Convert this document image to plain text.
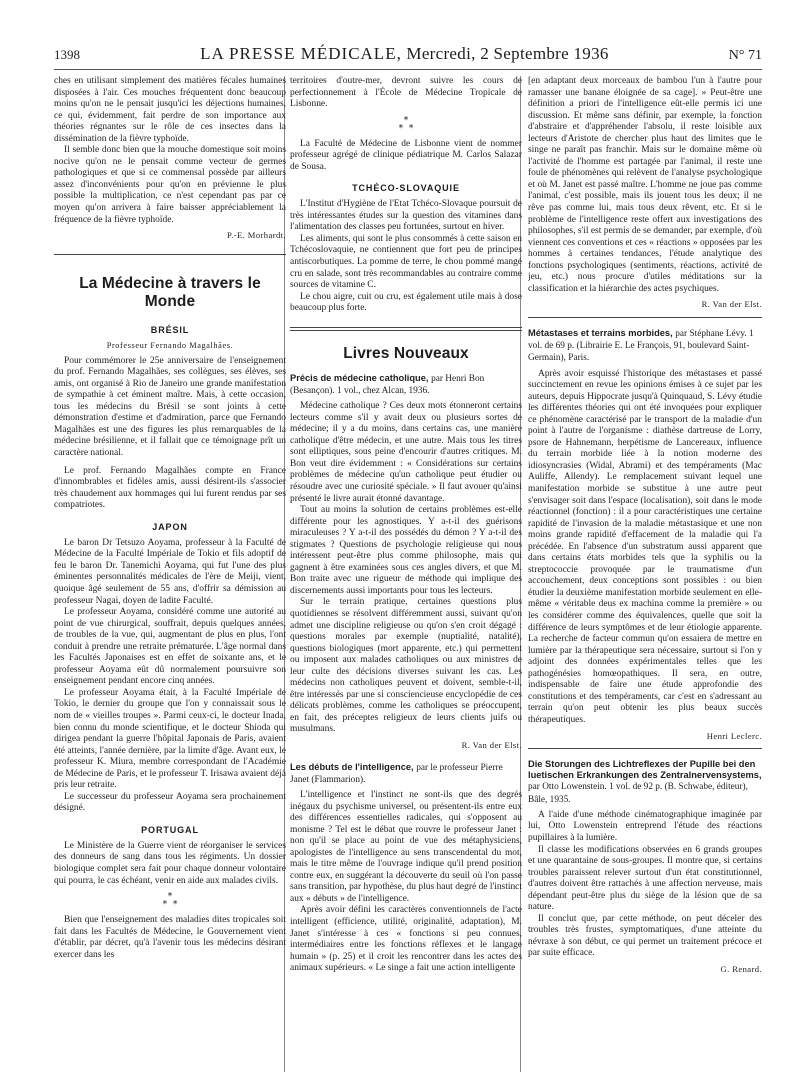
1398	LA PRESSE MÉDICALE, Mercredi, 2 Septembre 1936	N° 71

ches en utilisant simplement des matières fécales humaines disposées à l'air. Ces mouches fréquentent donc beaucoup moins qu'on ne le pensait jusqu'ici les déjections humaines, ce qui, évidemment, fait perdre de son importance aux théories régnantes sur le rôle de ces insectes dans la dissémination de la fièvre typhoïde.

Il semble donc bien que la mouche domestique soit moins nocive qu'on ne le pensait comme vecteur de germes pathologiques et que si ce commensal possède par ailleurs assez d'inconvénients pour qu'on en prévienne le plus possible la multiplication, ce n'est cependant pas par ce moyen qu'on arrivera à faire baisser appréciablement la fréquence de la fièvre typhoïde.

P.-E. Morhardt.

La Médecine à travers le Monde
BRÉSIL
Professeur Fernando Magalhães.

Pour commémorer le 25e anniversaire de l'enseignement du prof. Fernando Magalhães, ses collègues, ses élèves, ses amis, ont organisé à Rio de Janeiro une grande manifestation de sympathie à cet éminent maître. Mais, à cette occasion, tous les médecins du Brésil se sont joints à cette démonstration d'estime et d'admiration, parce que Fernando Magalhães est une des figures les plus remarquables de la médecine brésilienne, et il fallait que ce témoignage prît un caractère national.

Le prof. Fernando Magalhães compte en France d'innombrables et fidèles amis, aussi désirent-ils s'associer très chaudement aux hommages qui lui furent rendus par ses compatriotes.

JAPON

Le baron Dr Tetsuzo Aoyama, professeur à la Faculté de Médecine de la Faculté Impériale de Tokio et fils adoptif de feu le baron Dr. Tanemichi Aoyama, qui fut l'une des plus éminentes personnalités médicales de l'ère de Meiji, vient, quoique âgé seulement de 55 ans, d'offrir sa démission au professeur Nagai, doyen de ladite Faculté.

Le professeur Aoyama, considéré comme une autorité au point de vue chirurgical, souffrait, depuis quelques années, de troubles de la vue, qui, augmentant de plus en plus, l'ont conduit à prendre une retraite prématurée. L'âge normal dans les Facultés Japonaises est en effet de soixante ans, et le professeur Aoyama eût dû normalement poursuivre son enseignement pendant encore cinq années.

Le professeur Aoyama était, à la Faculté Impériale de Tokio, le dernier du groupe que l'on y connaissait sous le nom de « vieilles troupes ». Parmi ceux-ci, le docteur Inada, bien connu du monde scientifique, et le docteur Shioda qui dirigea pendant la guerre l'hôpital Japonais de Paris, avaient été atteints, l'année dernière, par la limite d'âge. Avant eux, le professeur K. Miura, membre correspondant de l'Académie de Médecine de Paris, et le professeur T. Irisawa avaient déjà pris leur retraite.

Le successeur du professeur Aoyama sera prochainement désigné.

PORTUGAL

Le Ministère de la Guerre vient de réorganiser le services des donneurs de sang dans tous les régiments. Un dossier biologique complet sera fait pour chaque donneur volontaire qui pourra, le cas échéant, venir en aide aux malades civils.

*
*  *

Bien que l'enseignement des maladies dites tropicales soit fait dans les Facultés de Médecine, le Gouvernement vient d'établir, par décret, qu'à l'avenir tous les médecins désirant exercer dans les

territoires d'outre-mer, devront suivre les cours de perfectionnement à l'École de Médecine Tropicale de Lisbonne.

*
*  *

La Faculté de Médecine de Lisbonne vient de nommer professeur agrégé de clinique pédiatrique M. Carlos Salazar de Sousa.

TCHÉCO-SLOVAQUIE

L'Institut d'Hygiène de l'Etat Tchéco-Slovaque poursuit de très intéressantes études sur la question des vitamines dans l'alimentation des classes peu fortunées, surtout en hiver.

Les aliments, qui sont le plus consommés à cette saison en Tchécoslovaquie, ne contiennent que fort peu de principes antiscorbutiques. La pomme de terre, le chou pommé mangé cru en salade, sont très recommandables au contraire comme sources de vitamine C.

Le chou aigre, cuit ou cru, est également utile mais à dose beaucoup plus forte.

Livres Nouveaux

Précis de médecine catholique, par Henri Bon (Besançon). 1 vol., chez Alcan, 1936.

Médecine catholique ? Ces deux mots étonneront certains lecteurs comme s'il y avait deux ou plusieurs sortes de médecine; il y a du moins, dans certains cas, une manière catholique d'être médecin, et une autre. Mais tous les titres sont elliptiques, sous peine d'encourir d'autres critiques. M. Bon veut dire évidemment : « Considérations sur certains problèmes de médecine qu'un catholique peut étudier ou résoudre avec une curiosité spéciale. » Il faut avouer qu'ainsi présenté le livre aurait étonné davantage.

Tout au moins la solution de certains problèmes est-elle différente pour les agnostiques. Y a-t-il des guérisons miraculeuses ? Y a-t-il des possédés du démon ? Y a-t-il des stigmates ? Questions de psychologie religieuse qui nous intéressent peut-être plus comme philosophe, mais qui gagnent à être examinées sous ces angles divers, et que M. Bon traite avec une rigueur de méthode qui implique des discernements aussi importants pour tous les lecteurs.

Sur le terrain pratique, certaines questions plus quotidiennes se résolvent différemment aussi, suivant qu'on admet une discipline religieuse ou qu'on s'en croit dégagé : questions morales par exemple (nuptialité, natalité), questions biologiques (mort apparente, etc.) qui permettent ou imposent aux malades catholiques ou aux ministres de leur culte des décisions diverses suivant les cas. Les médecins non catholiques peuvent et doivent, semble-t-il, être intéressés par une si consciencieuse encyclopédie de ces délicats problèmes, comme les catholiques se préoccupent, en fait, des préceptes religieux de leurs clients juifs ou musulmans.

R. Van der Elst.

Les débuts de l'intelligence, par le professeur Pierre Janet (Flammarion).

L'intelligence et l'instinct ne sont-ils que des degrés inégaux du psychisme universel, ou présentent-ils entre eux des différences essentielles radicales, qui s'opposent au monisme ? Tel est le débat que rouvre le professeur Janet : non qu'il se place au point de vue des métaphysiciens, apologistes de l'intelligence au sens transcendental du mot, mais le titre même de l'ouvrage indique qu'il prend position contre eux, en suggérant la découverte du seuil où l'on passe sans transition, par hypothèse, du plus haut degré de l'instinct aux « débuts » de l'intelligence.

Après avoir défini les caractères conventionnels de l'acte intelligent (efficience, utilité, originalité, adaptation), M. Janet s'intéresse à ces « fonctions si peu connues, intermédiaires entre les fonctions réflexes et le langage humain » (p. 25) et il croit les rencontrer dans les actes des animaux supérieurs. « Le singe a fait une action intelligente

[en adaptant deux morceaux de bambou l'un à l'autre pour ramasser une banane éloignée de sa cage]. » Peut-être une définition a priori de l'intelligence eût-elle permis ici une discussion. Et même sans définir, par exemple, la fonction d'abstraire et d'appréhender l'absolu, il reste loisible aux lecteurs d'Aristote de chercher plus haut des limites que le singe ne paraît pas franchir. Mais sur le domaine même où l'activité de l'homme est partagée par l'animal, il reste une foule de phénomènes qui relèvent de l'analyse psychologique et où M. Janet est passé maître. L'homme ne joue pas comme l'animal, c'est possible, mais ils jouent tous les deux; il ne rêve pas comme lui, mais tous deux rêvent, etc. Et si le problème de l'intelligence reste offert aux investigations des philosophes, s'il est permis de se demander, par exemple, d'où viennent ces conventions et ces « réactions » opposées par les hommes à certaines tendances, l'étude analytique des fonctions psychologiques (sentiments, réactions, activité de jeu, etc.) nous procure d'utiles méditations sur la classification et la hiérarchie des actes psychiques.

R. Van der Elst.

Métastases et terrains morbides, par Stéphane Lévy. 1 vol. de 69 p. (Librairie E. Le François, 91, boulevard Saint-Germain), Paris.

Après avoir esquissé l'historique des métastases et passé succinctement en revue les opinions émises à ce sujet par les auteurs, depuis Hippocrate jusqu'à Quinquaud, S. Lévy étudie les différentes théories qui ont été invoquées pour expliquer ce phénomène caractérisé par le transport de la maladie d'un point à l'autre de l'organisme : diathèse dartreuse de Lorry, psore de Hahnemann, herpétisme de Lancereaux, influence du terrain morbide liée à la notion moderne des idiosyncrasies (Widal, Abrami) et des tempéraments (Mac Auliffe, Allendy). Le remplacement suivant lequel une manifestation morbide se substitue à une autre peut s'envisager soit dans l'espace (localisation), soit dans le mode réactionnel (fonction) : il a pour caractéristiques une certaine rapidité de l'invasion de la maladie métastasique et une non moins grande rapidité d'effacement de la maladie qui l'a précédée. En l'absence d'un substratum aussi apparent que dans certains états morbides tels que la syphilis ou la streptococcie provoquée par le traumatisme d'un accouchement, deux conceptions sont possibles : ou bien étudier la deuxième manifestation morbide seulement en elle-même « véritable deus ex machina comme la première » ou les considérer comme des équivalences, quelle que soit la différence de leurs symptômes et de leur étiologie apparente. La recherche de facteur commun qu'on essaiera de mettre en lumière par la thérapeutique sera nécessaire, surtout si l'on y adjoint des données expérimentales telles que les pathogénésies homœopathiques. Il sera, en outre, indispensable de faire une étude approfondie des constitutions et des tempéraments, car c'est en s'adressant au terrain qu'on peut obtenir les plus beaux succès thérapeutiques.

Henri Leclerc.

Die Storungen des Lichtreflexes der Pupille bei den luetischen Erkrankungen des Zentralnervensystems, par Otto Lowenstein. 1 vol. de 92 p. (B. Schwabe, éditeur), Bâle, 1935.

A l'aide d'une méthode cinématographique imaginée par lui, Otto Lowenstein entreprend l'étude des réactions pupillaires à la lumière.

Il classe les modifications observées en 6 grands groupes et une quarantaine de sous-groupes. Il montre que, si certains troubles paraissent relever surtout d'un état constitutionnel, d'autres doivent être rattachés à une affection nerveuse, mais dépendant peut-être plus du siège de la lésion que de sa nature.

Il conclut que, par cette méthode, on peut déceler des troubles très frustes, symptomatiques, d'une atteinte du névraxe à son début, ce qui permet un traitement précoce et par suite efficace.

G. Renard.
